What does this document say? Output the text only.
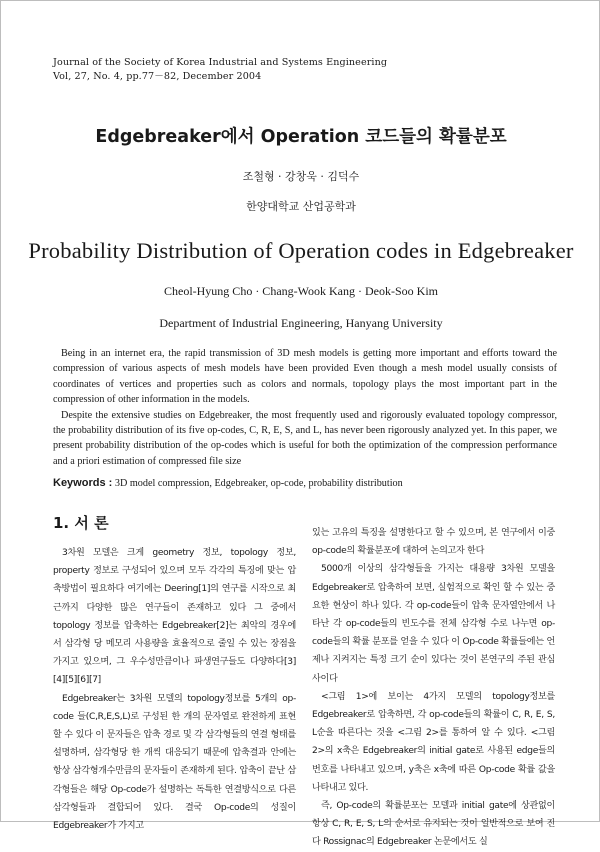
Journal of the Society of Korea Industrial and Systems Engineering
Vol, 27, No. 4, pp.77－82, December 2004
Edgebreaker에서 Operation 코드들의 확률분포
조철형 · 강창욱 · 김덕수
한양대학교 산업공학과
Probability Distribution of Operation codes in Edgebreaker
Cheol-Hyung Cho · Chang-Wook Kang · Deok-Soo Kim
Department of Industrial Engineering, Hanyang University

Being in an internet era, the rapid transmission of 3D mesh models is getting more important and efforts toward the compression of various aspects of mesh models have been provided Even though a mesh model usually consists of coordinates of vertices and properties such as colors and normals, topology plays the most important part in the compression of other information in the models.

Despite the extensive studies on Edgebreaker, the most frequently used and rigorously evaluated topology compressor, the probability distribution of its five op-codes, C, R, E, S, and L, has never been rigorously analyzed yet. In this paper, we present probability distribution of the op-codes which is useful for both the optimization of the compression performance and a priori estimation of compressed file size

Keywords : 3D model compression, Edgebreaker, op-code, probability distribution
1. 서 론

3차원 모델은 크게 geometry 정보, topology 정보, property 정보로 구성되어 있으며 모두 각각의 특징에 맞는 압축방법이 필요하다 여기에는 Deering[1]의 연구를 시작으로 최근까지 다양한 많은 연구들이 존재하고 있다 그 중에서 topology 정보를 압축하는 Edgebreaker[2]는 최악의 경우에서 삼각형 당 메모리 사용량을 효율적으로 줄일 수 있는 장점을 가지고 있으며, 그 우수성만큼이나 파생연구들도 다양하다[3][4][5][6][7]

Edgebreaker는 3차원 모델의 topology정보를 5개의 op-code 들(C,R,E,S,L)로 구성된 한 개의 문자열로 완전하게 표현할 수 있다 이 문자들은 압축 경로 및 각 삼각형들의 연결 형태를 설명하며, 삼각형당 한 개씩 대응되기 때문에 압축결과 안에는 항상 삼각형개수만큼의 문자들이 존재하게 된다. 압축이 끝난 삼각형들은 해당 Op-code가 설명하는 독특한 연결방식으로 다른 삼각형들과 결합되어 있다. 결국 Op-code의 성질이 Edgebreaker가 가지고

있는 고유의 특징을 설명한다고 할 수 있으며, 본 연구에서 이중 op-code의 확률분포에 대하여 논의고자 한다

5000개 이상의 삼각형들을 가지는 대용량 3차원 모델을 Edgebreaker로 압축하여 보면, 실험적으로 확인 할 수 있는 중요한 현상이 하나 있다. 각 op-code들이 압축 문자열안에서 나타난 각 op-code들의 빈도수를 전체 삼각형 수로 나누면 op-code들의 확률 분포를 얻을 수 있다 이 Op-code 확률들에는 언제나 지켜지는 특정 크기 순이 있다는 것이 본연구의 주된 관심사이다

<그림 1>에 보이는 4가지 모델의 topology정보를 Edgebreaker로 압축하면, 각 op-code들의 확률이 C, R, E, S, L순을 따른다는 것을 <그림 2>를 통하여 알 수 있다. <그림 2>의 x축은 Edgebreaker의 initial gate로 사용된 edge들의 번호를 나타내고 있으며, y축은 x축에 따른 Op-code 확률 값을 나타내고 있다.

즉, Op-code의 확률분포는 모델과 initial gate에 상관없이 항상 C, R, E, S, L의 순서로 유지되는 것이 일반적으로 보여 진다 Rossignac의 Edgebreaker 논문에서도 실
